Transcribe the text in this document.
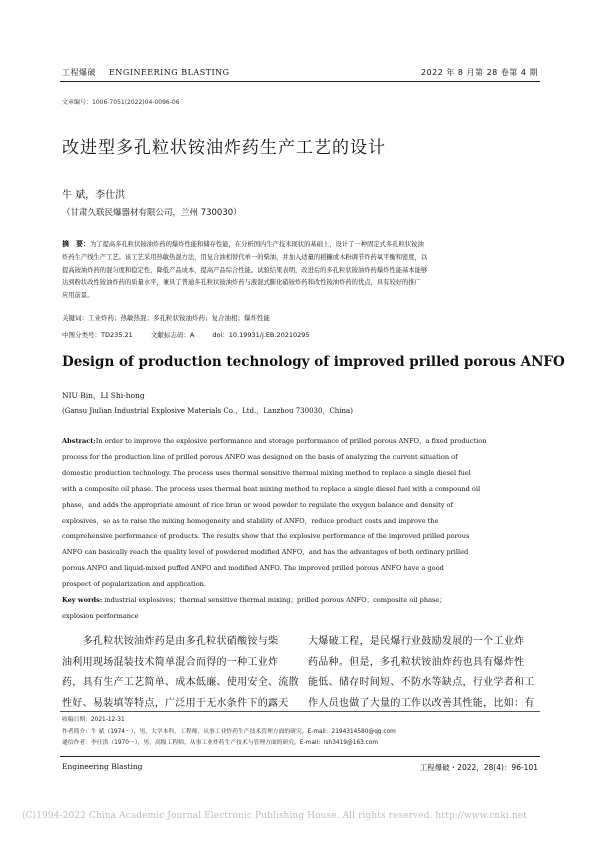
工程爆破 ENGINEERING BLASTING	2022 年 8 月第 28 卷第 4 期
文章编号：1006-7051(2022)04-0096-06
改进型多孔粒状铵油炸药生产工艺的设计
牛 斌，李仕洪
（甘肃久联民爆器材有限公司，兰州 730030）
摘　要：为了提高多孔粒状铵油炸药的爆炸性能和储存性能，在分析国内生产技术现状的基础上，设计了一种固定式多孔粒状铵油
炸药生产线生产工艺。该工艺采用热敏热混方法，用复合油相替代单一的柴油，并加入适量的稻糠或木粉调节炸药氧平衡和密度，以
提高铵油炸药的混匀度和稳定性，降低产品成本，提高产品综合性能。试验结果表明，改进后的多孔粒状铵油炸药爆炸性能基本能够
达到粉状改性铵油炸药的质量水平，兼具了普通多孔粒状铵油炸药与液混式膨化硝铵炸药和改性铵油炸药的优点，具有较好的推广
应用前景。
关键词：工业炸药；热敏热混；多孔粒状铵油炸药；复合油相；爆炸性能
中图分类号：TD235.21	文献标志码：A	doi：10.19931/j.EB.20210295
Design of production technology of improved prilled porous ANFO
NIU Bin，LI Shi-hong
(Gansu Jiulian Industrial Explosive Materials Co.，Ltd.，Lanzhou 730030，China)
Abstract:In order to improve the explosive performance and storage performance of prilled porous ANFO，a fixed production
process for the production line of prilled porous ANFO was designed on the basis of analyzing the current situation of
domestic production technology. The process uses thermal sensitive thermal mixing method to replace a single diesel fuel
with a composite oil phase. The process uses thermal heat mixing method to replace a single diesel fuel with a compound oil
phase，and adds the appropriate amount of rice bran or wood powder to regulate the oxygen balance and density of
explosives，so as to raise the mixing homogeneity and stability of ANFO，reduce product costs and improve the
comprehensive performance of products. The results show that the explosive performance of the improved prilled porous
ANFO can basically reach the quality level of powdered modified ANFO，and has the advantages of both ordinary prilled
porous ANFO and liquid-mixed puffed ANFO and modified ANFO. The improved prilled porous ANFO have a good
prospect of popularization and application.
Key words: industrial explosives；thermal sensitive thermal mixing；prilled porous ANFO；composite oil phase；
explosion performance
　　多孔粒状铵油炸药是由多孔粒状硝酸铵与柴
油利用现场混装技术简单混合而得的一种工业炸
药，具有生产工艺简单、成本低廉、使用安全、流散
性好、易装填等特点，广泛用于无水条件下的露天
大爆破工程，是民爆行业鼓励发展的一个工业炸
药品种。但是，多孔粒状铵油炸药也具有爆炸性
能低、储存时间短、不防水等缺点，行业学者和工
作人员也做了大量的工作以改善其性能，比如：有
收稿日期：2021-12-31
作者简介：牛 斌（1974－），男，大学本科，工程师，从事工业炸药生产技术管理方面的研究。E-mail：2194314580@qq.com
通信作者：李仕洪（1970－），男，高级工程师，从事工业炸药生产技术与管理方面的研究。E-mail：lsh3419@163.com
Engineering Blasting	工程爆破・2022，28(4)：96-101
(C)1994-2022 China Academic Journal Electronic Publishing House. All rights reserved. http://www.cnki.net
